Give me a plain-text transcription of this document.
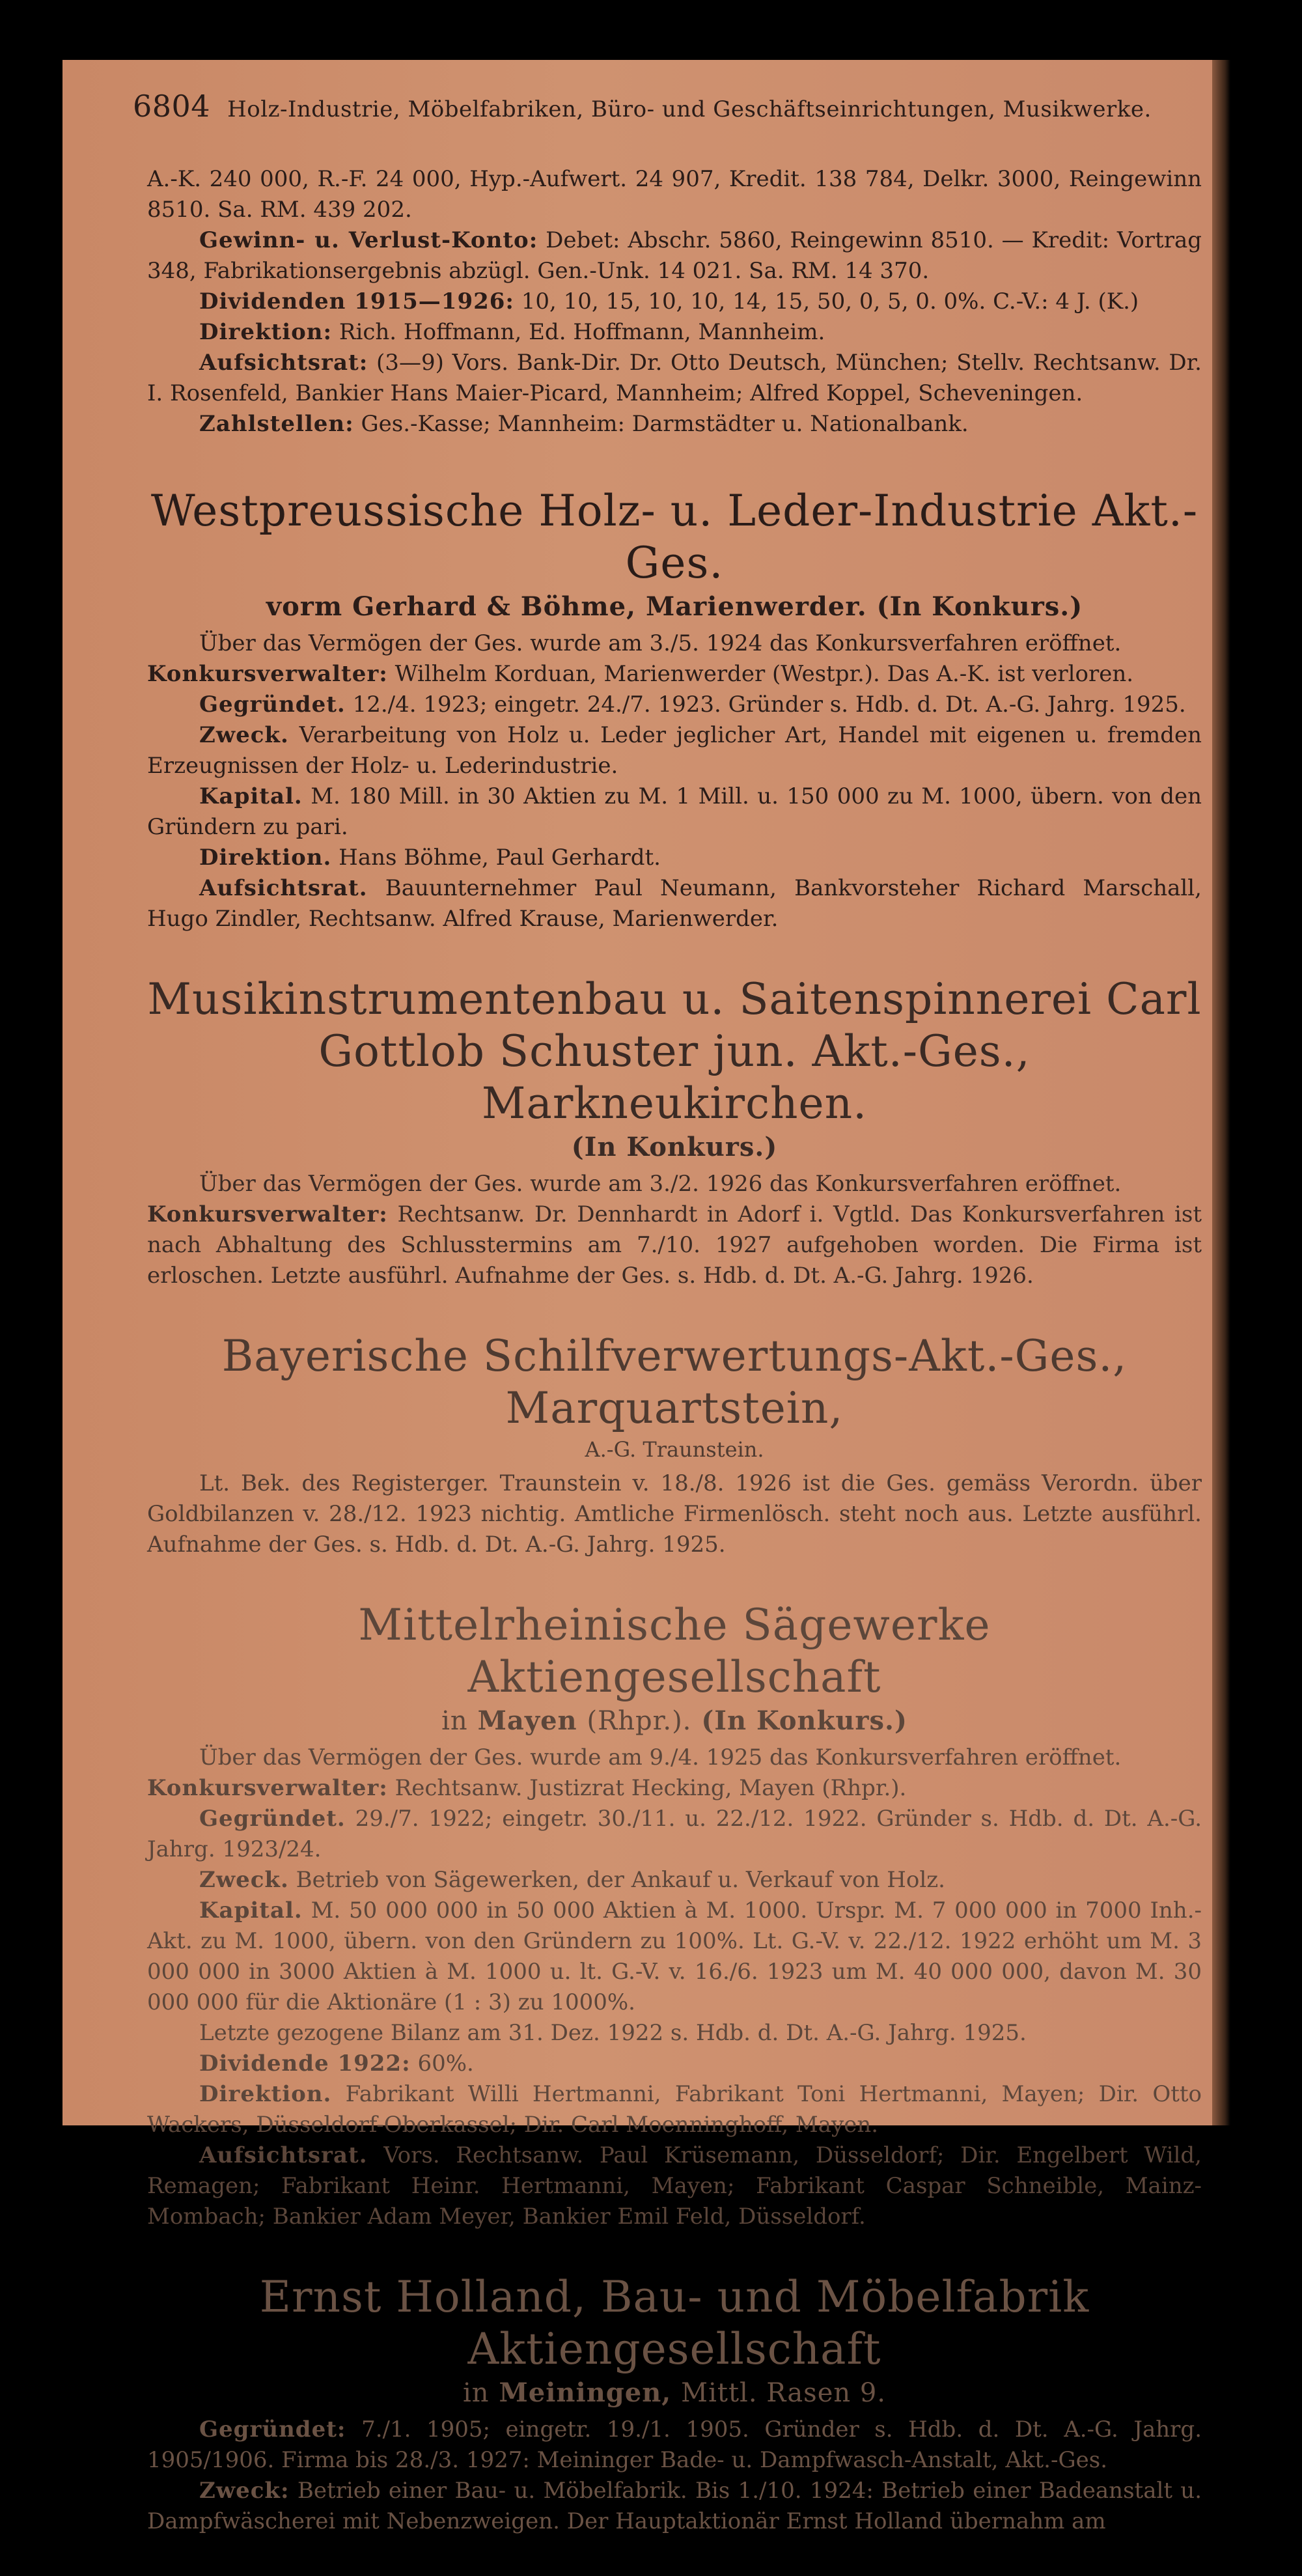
6804 Holz-Industrie, Möbelfabriken, Büro- und Geschäftseinrichtungen, Musikwerke.

A.-K. 240 000, R.-F. 24 000, Hyp.-Aufwert. 24 907, Kredit. 138 784, Delkr. 3000, Reingewinn 8510. Sa. RM. 439 202.

Gewinn- u. Verlust-Konto: Debet: Abschr. 5860, Reingewinn 8510. — Kredit: Vortrag 348, Fabrikationsergebnis abzügl. Gen.-Unk. 14 021. Sa. RM. 14 370.

Dividenden 1915—1926: 10, 10, 15, 10, 10, 14, 15, 50, 0, 5, 0. 0%. C.-V.: 4 J. (K.)

Direktion: Rich. Hoffmann, Ed. Hoffmann, Mannheim.

Aufsichtsrat: (3—9) Vors. Bank-Dir. Dr. Otto Deutsch, München; Stellv. Rechtsanw. Dr. I. Rosenfeld, Bankier Hans Maier-Picard, Mannheim; Alfred Koppel, Scheveningen.

Zahlstellen: Ges.-Kasse; Mannheim: Darmstädter u. Nationalbank.

Westpreussische Holz- u. Leder-Industrie Akt.-Ges.

vorm Gerhard & Böhme, Marienwerder. (In Konkurs.)

Über das Vermögen der Ges. wurde am 3./5. 1924 das Konkursverfahren eröffnet.

Konkursverwalter: Wilhelm Korduan, Marienwerder (Westpr.). Das A.-K. ist verloren.

Gegründet. 12./4. 1923; eingetr. 24./7. 1923. Gründer s. Hdb. d. Dt. A.-G. Jahrg. 1925.

Zweck. Verarbeitung von Holz u. Leder jeglicher Art, Handel mit eigenen u. fremden Erzeugnissen der Holz- u. Lederindustrie.

Kapital. M. 180 Mill. in 30 Aktien zu M. 1 Mill. u. 150 000 zu M. 1000, übern. von den Gründern zu pari.

Direktion. Hans Böhme, Paul Gerhardt.

Aufsichtsrat. Bauunternehmer Paul Neumann, Bankvorsteher Richard Marschall, Hugo Zindler, Rechtsanw. Alfred Krause, Marienwerder.

Musikinstrumentenbau u. Saitenspinnerei Carl Gottlob Schuster jun. Akt.-Ges., Markneukirchen.

(In Konkurs.)

Über das Vermögen der Ges. wurde am 3./2. 1926 das Konkursverfahren eröffnet.

Konkursverwalter: Rechtsanw. Dr. Dennhardt in Adorf i. Vgtld. Das Konkursverfahren ist nach Abhaltung des Schlusstermins am 7./10. 1927 aufgehoben worden. Die Firma ist erloschen. Letzte ausführl. Aufnahme der Ges. s. Hdb. d. Dt. A.-G. Jahrg. 1926.

Bayerische Schilfverwertungs-Akt.-Ges., Marquartstein,

A.-G. Traunstein.

Lt. Bek. des Registerger. Traunstein v. 18./8. 1926 ist die Ges. gemäss Verordn. über Goldbilanzen v. 28./12. 1923 nichtig. Amtliche Firmenlösch. steht noch aus. Letzte ausführl. Aufnahme der Ges. s. Hdb. d. Dt. A.-G. Jahrg. 1925.

Mittelrheinische Sägewerke Aktiengesellschaft

in Mayen (Rhpr.). (In Konkurs.)

Über das Vermögen der Ges. wurde am 9./4. 1925 das Konkursverfahren eröffnet.

Konkursverwalter: Rechtsanw. Justizrat Hecking, Mayen (Rhpr.).

Gegründet. 29./7. 1922; eingetr. 30./11. u. 22./12. 1922. Gründer s. Hdb. d. Dt. A.-G. Jahrg. 1923/24.

Zweck. Betrieb von Sägewerken, der Ankauf u. Verkauf von Holz.

Kapital. M. 50 000 000 in 50 000 Aktien à M. 1000. Urspr. M. 7 000 000 in 7000 Inh.-Akt. zu M. 1000, übern. von den Gründern zu 100%. Lt. G.-V. v. 22./12. 1922 erhöht um M. 3 000 000 in 3000 Aktien à M. 1000 u. lt. G.-V. v. 16./6. 1923 um M. 40 000 000, davon M. 30 000 000 für die Aktionäre (1 : 3) zu 1000%.

Letzte gezogene Bilanz am 31. Dez. 1922 s. Hdb. d. Dt. A.-G. Jahrg. 1925.

Dividende 1922: 60%.

Direktion. Fabrikant Willi Hertmanni, Fabrikant Toni Hertmanni, Mayen; Dir. Otto Wackers, Düsseldorf-Oberkassel; Dir. Carl Moenninghoff, Mayen.

Aufsichtsrat. Vors. Rechtsanw. Paul Krüsemann, Düsseldorf; Dir. Engelbert Wild, Remagen; Fabrikant Heinr. Hertmanni, Mayen; Fabrikant Caspar Schneible, Mainz-Mombach; Bankier Adam Meyer, Bankier Emil Feld, Düsseldorf.

Ernst Holland, Bau- und Möbelfabrik Aktiengesellschaft

in Meiningen, Mittl. Rasen 9.

Gegründet: 7./1. 1905; eingetr. 19./1. 1905. Gründer s. Hdb. d. Dt. A.-G. Jahrg. 1905/1906. Firma bis 28./3. 1927: Meininger Bade- u. Dampfwasch-Anstalt, Akt.-Ges.

Zweck: Betrieb einer Bau- u. Möbelfabrik. Bis 1./10. 1924: Betrieb einer Badeanstalt u. Dampfwäscherei mit Nebenzweigen. Der Hauptaktionär Ernst Holland übernahm am
